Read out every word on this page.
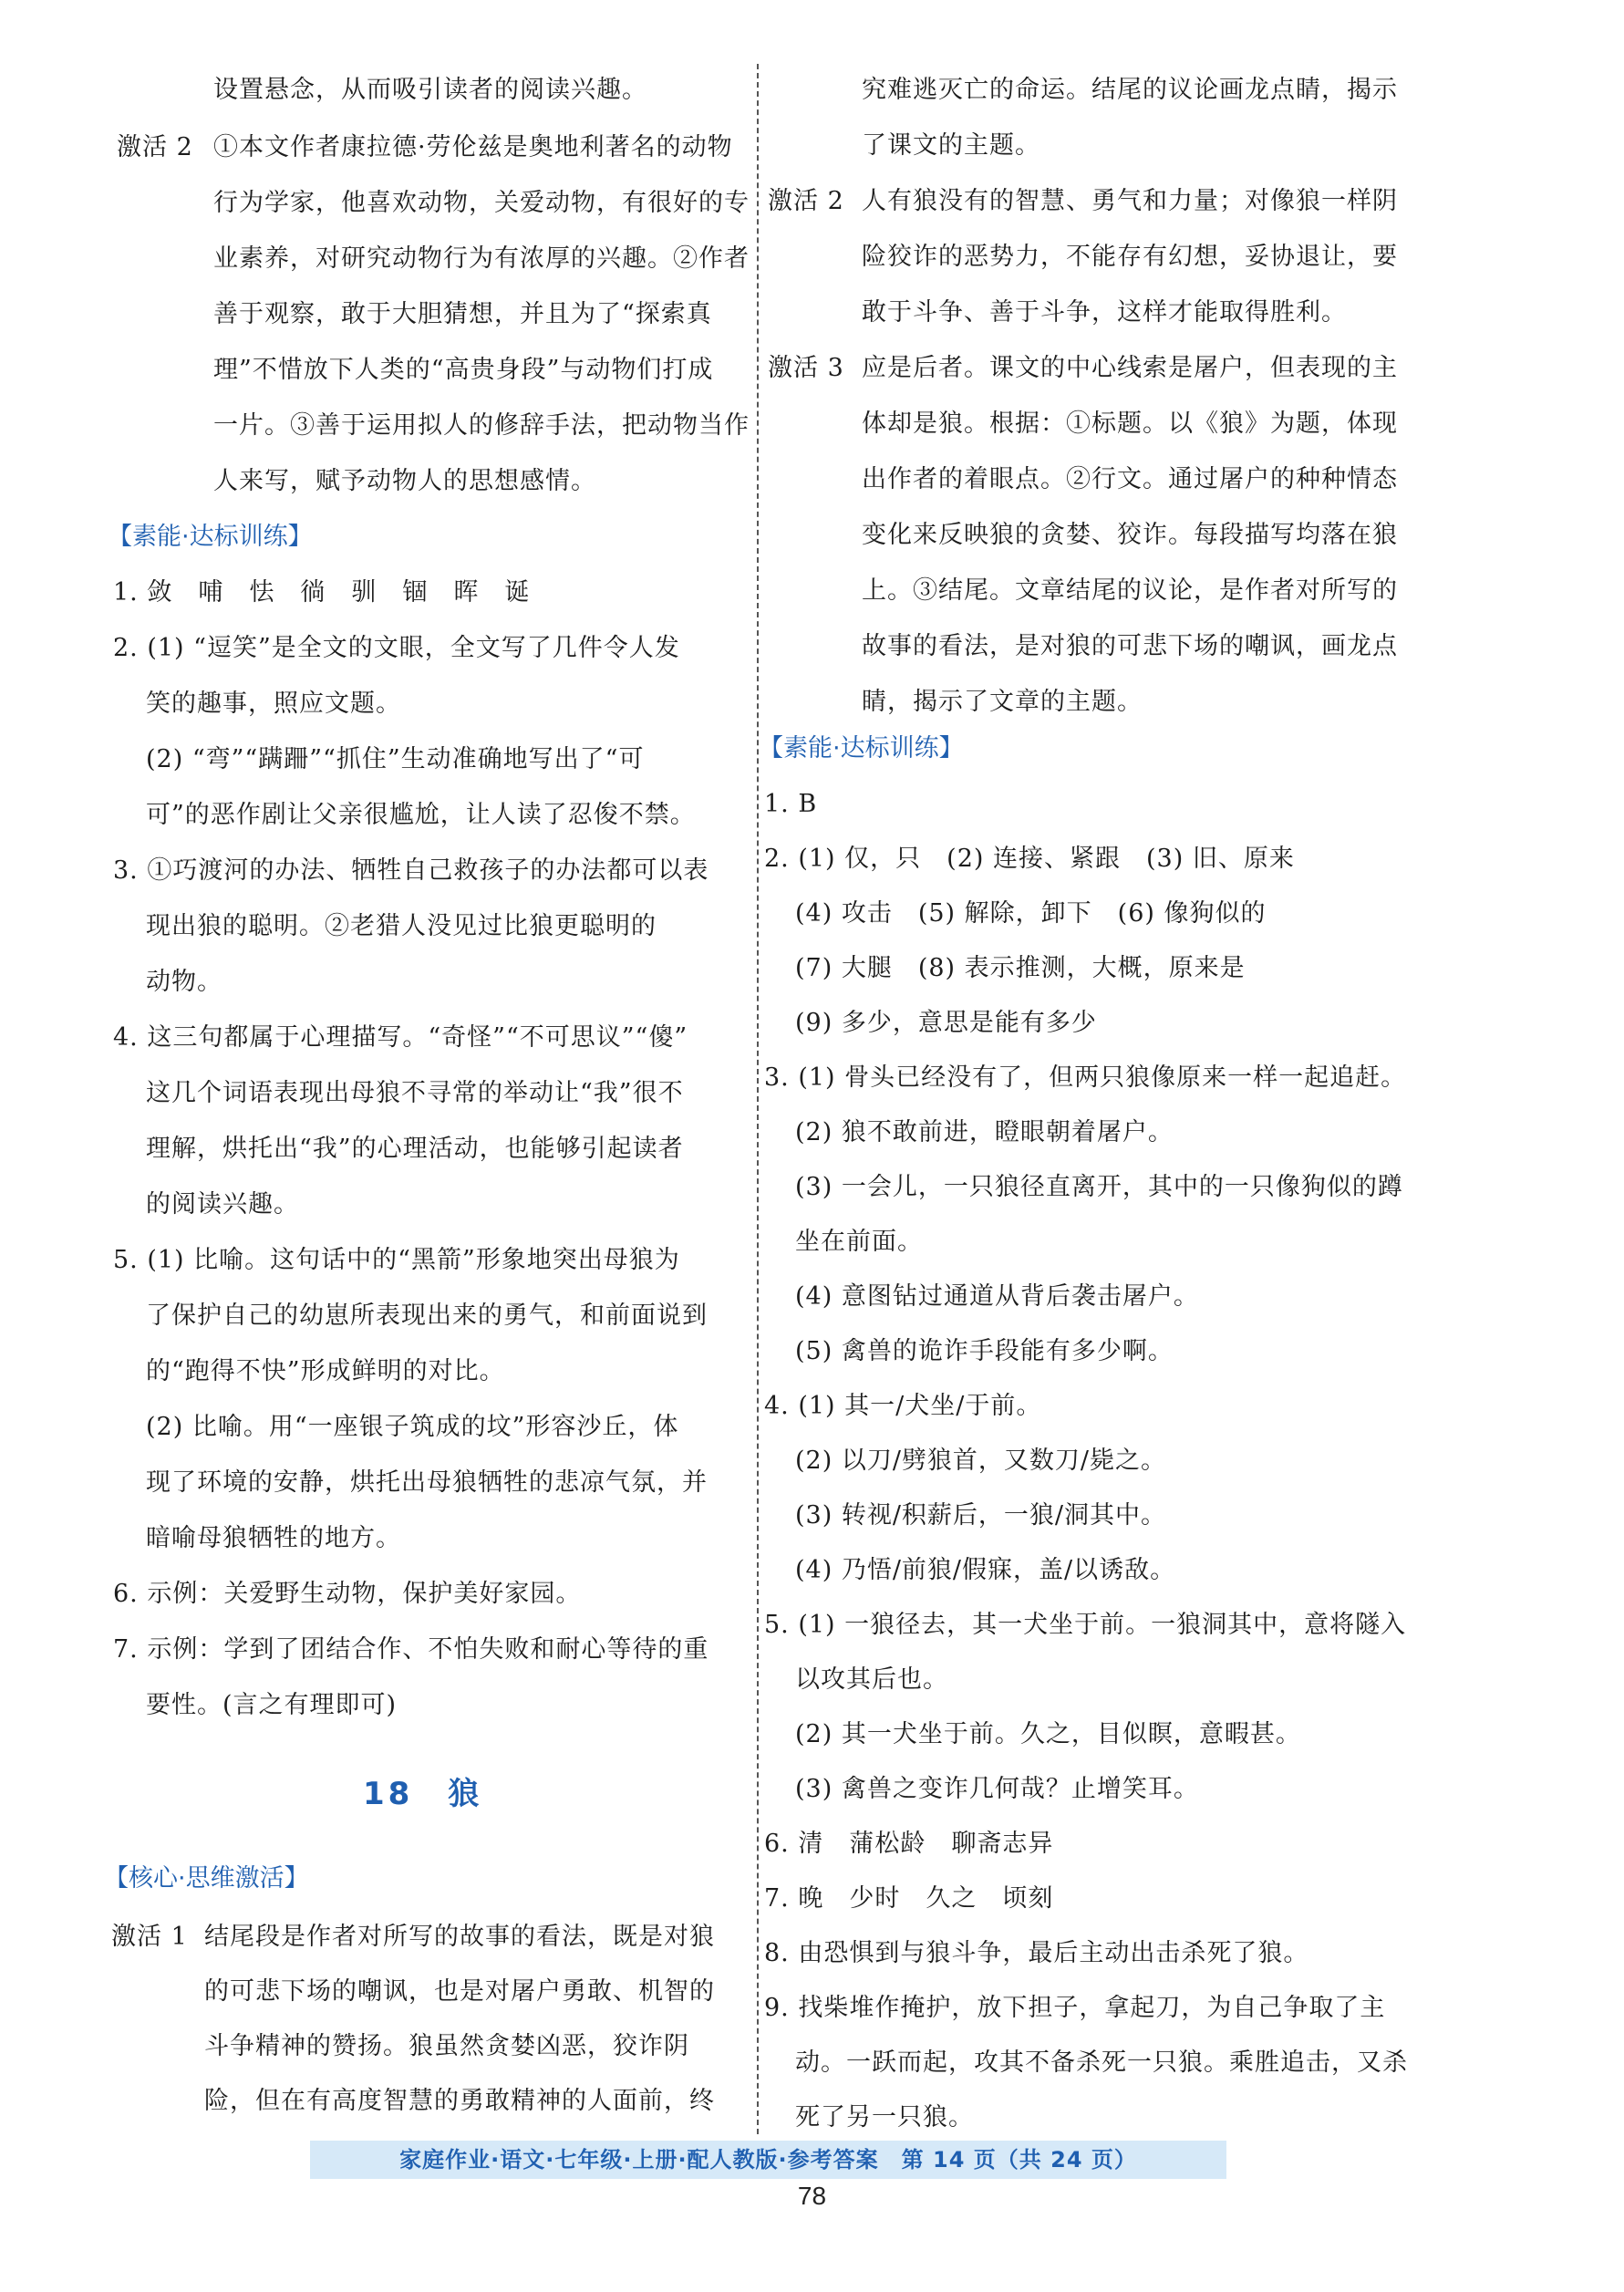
设置悬念，从而吸引读者的阅读兴趣。
激活 2 ①本文作者康拉德·劳伦兹是奥地利著名的动物
行为学家，他喜欢动物，关爱动物，有很好的专
业素养，对研究动物行为有浓厚的兴趣。②作者
善于观察，敢于大胆猜想，并且为了“探索真
理”不惜放下人类的“高贵身段”与动物们打成
一片。③善于运用拟人的修辞手法，把动物当作
人来写，赋予动物人的思想感情。
【素能·达标训练】
1. 敛　哺　怯　徜　驯　锢　晖　诞
2. (1) “逗笑”是全文的文眼，全文写了几件令人发
笑的趣事，照应文题。
(2) “弯”“蹒跚”“抓住”生动准确地写出了“可
可”的恶作剧让父亲很尴尬，让人读了忍俊不禁。
3. ①巧渡河的办法、牺牲自己救孩子的办法都可以表
现出狼的聪明。②老猎人没见过比狼更聪明的
动物。
4. 这三句都属于心理描写。“奇怪”“不可思议”“傻”
这几个词语表现出母狼不寻常的举动让“我”很不
理解，烘托出“我”的心理活动，也能够引起读者
的阅读兴趣。
5. (1) 比喻。这句话中的“黑箭”形象地突出母狼为
了保护自己的幼崽所表现出来的勇气，和前面说到
的“跑得不快”形成鲜明的对比。
(2) 比喻。用“一座银子筑成的坟”形容沙丘，体
现了环境的安静，烘托出母狼牺牲的悲凉气氛，并
暗喻母狼牺牲的地方。
6. 示例：关爱野生动物，保护美好家园。
7. 示例：学到了团结合作、不怕失败和耐心等待的重
要性。(言之有理即可)
18　狼
【核心·思维激活】
激活 1 结尾段是作者对所写的故事的看法，既是对狼
的可悲下场的嘲讽，也是对屠户勇敢、机智的
斗争精神的赞扬。狼虽然贪婪凶恶，狡诈阴
险，但在有高度智慧的勇敢精神的人面前，终
究难逃灭亡的命运。结尾的议论画龙点睛，揭示
了课文的主题。
激活 2 人有狼没有的智慧、勇气和力量；对像狼一样阴
险狡诈的恶势力，不能存有幻想，妥协退让，要
敢于斗争、善于斗争，这样才能取得胜利。
激活 3 应是后者。课文的中心线索是屠户，但表现的主
体却是狼。根据：①标题。以《狼》为题，体现
出作者的着眼点。②行文。通过屠户的种种情态
变化来反映狼的贪婪、狡诈。每段描写均落在狼
上。③结尾。文章结尾的议论，是作者对所写的
故事的看法，是对狼的可悲下场的嘲讽，画龙点
睛，揭示了文章的主题。
【素能·达标训练】
1. B
2. (1) 仅，只　(2) 连接、紧跟　(3) 旧、原来
(4) 攻击　(5) 解除，卸下　(6) 像狗似的
(7) 大腿　(8) 表示推测，大概，原来是
(9) 多少，意思是能有多少
3. (1) 骨头已经没有了，但两只狼像原来一样一起追赶。
(2) 狼不敢前进，瞪眼朝着屠户。
(3) 一会儿，一只狼径直离开，其中的一只像狗似的蹲
坐在前面。
(4) 意图钻过通道从背后袭击屠户。
(5) 禽兽的诡诈手段能有多少啊。
4. (1) 其一/犬坐/于前。
(2) 以刀/劈狼首，又数刀/毙之。
(3) 转视/积薪后，一狼/洞其中。
(4) 乃悟/前狼/假寐，盖/以诱敌。
5. (1) 一狼径去，其一犬坐于前。一狼洞其中，意将隧入
以攻其后也。
(2) 其一犬坐于前。久之，目似瞑，意暇甚。
(3) 禽兽之变诈几何哉？止增笑耳。
6. 清　蒲松龄　聊斋志异
7. 晚　少时　久之　顷刻
8. 由恐惧到与狼斗争，最后主动出击杀死了狼。
9. 找柴堆作掩护，放下担子，拿起刀，为自己争取了主
动。一跃而起，攻其不备杀死一只狼。乘胜追击，又杀
死了另一只狼。
家庭作业·语文·七年级·上册·配人教版·参考答案　第 14 页（共 24 页）
78
